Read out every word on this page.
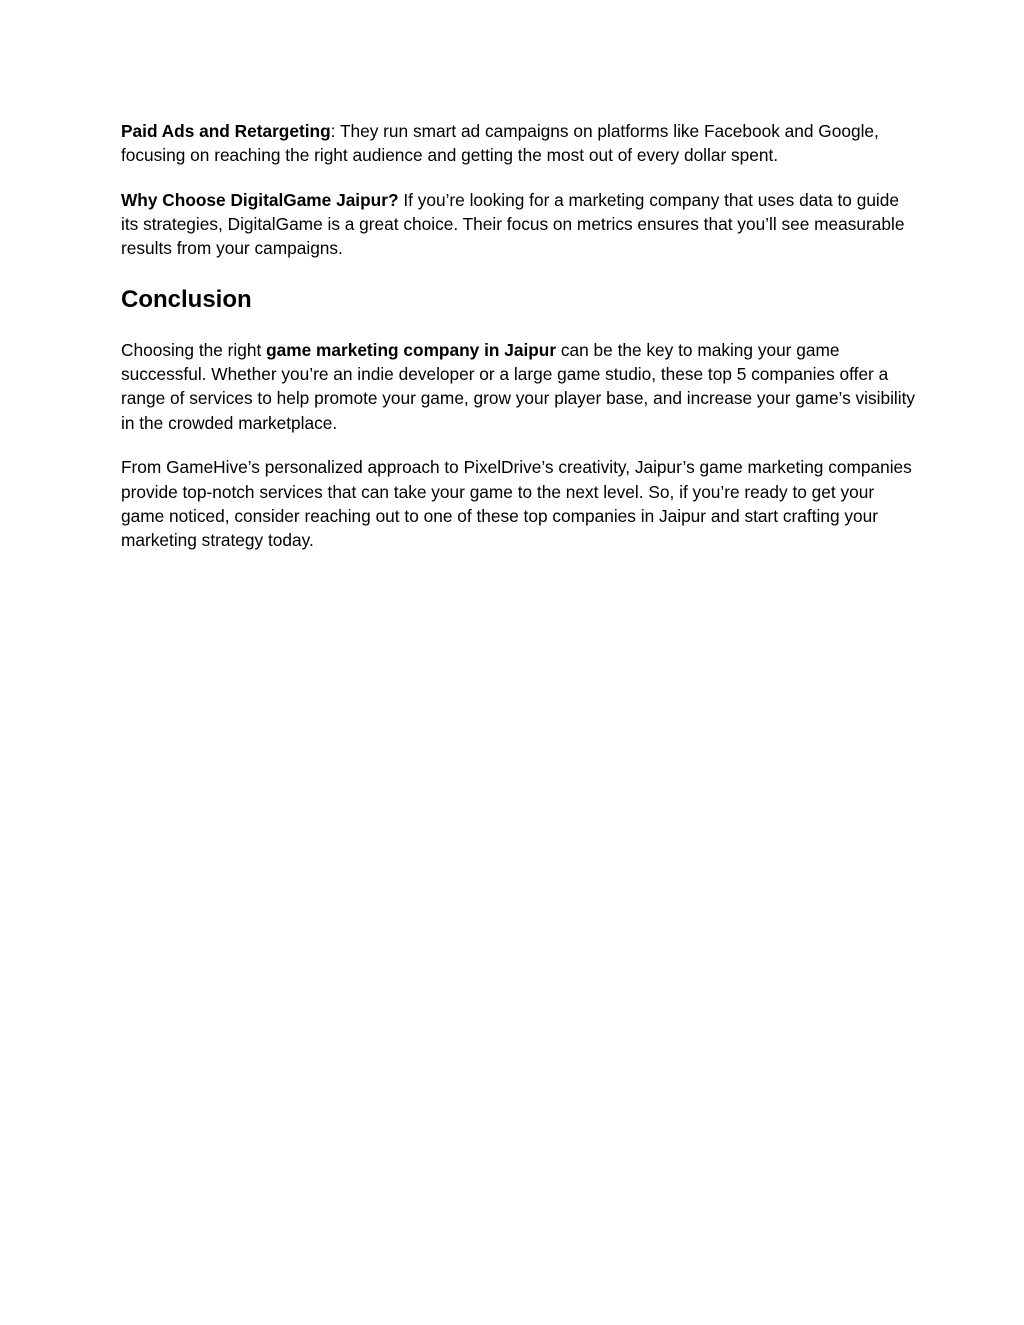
Paid Ads and Retargeting: They run smart ad campaigns on platforms like Facebook and Google, focusing on reaching the right audience and getting the most out of every dollar spent.

Why Choose DigitalGame Jaipur? If you’re looking for a marketing company that uses data to guide its strategies, DigitalGame is a great choice. Their focus on metrics ensures that you’ll see measurable results from your campaigns.

Conclusion

Choosing the right game marketing company in Jaipur can be the key to making your game successful. Whether you’re an indie developer or a large game studio, these top 5 companies offer a range of services to help promote your game, grow your player base, and increase your game’s visibility in the crowded marketplace.

From GameHive’s personalized approach to PixelDrive’s creativity, Jaipur’s game marketing companies provide top-notch services that can take your game to the next level. So, if you’re ready to get your game noticed, consider reaching out to one of these top companies in Jaipur and start crafting your marketing strategy today.
